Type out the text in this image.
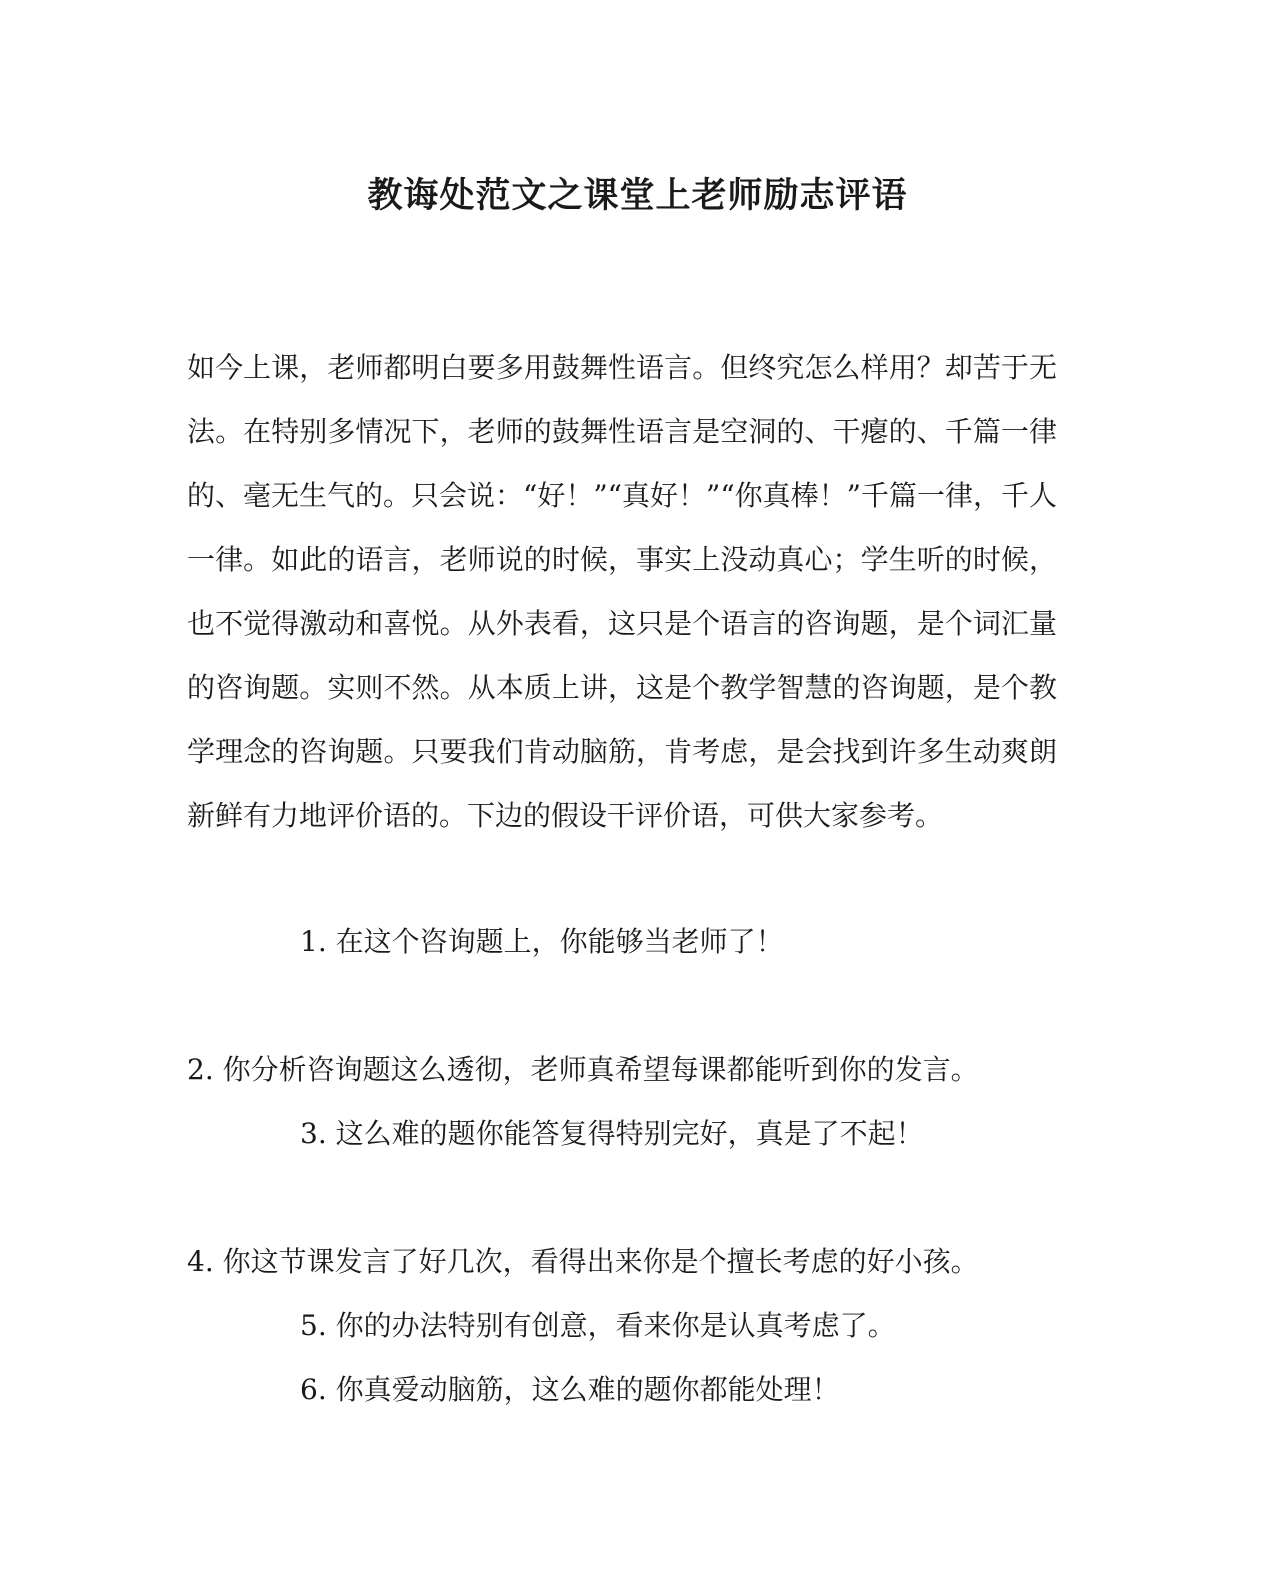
教诲处范文之课堂上老师励志评语

如今上课，老师都明白要多用鼓舞性语言。但终究怎么样用？却苦于无法。在特别多情况下，老师的鼓舞性语言是空洞的、干瘪的、千篇一律的、毫无生气的。只会说：“好！”“真好！”“你真棒！”千篇一律，千人一律。如此的语言，老师说的时候，事实上没动真心；学生听的时候，也不觉得激动和喜悦。从外表看，这只是个语言的咨询题，是个词汇量的咨询题。实则不然。从本质上讲，这是个教学智慧的咨询题，是个教学理念的咨询题。只要我们肯动脑筋，肯考虑，是会找到许多生动爽朗新鲜有力地评价语的。下边的假设干评价语，可供大家参考。

1. 在这个咨询题上，你能够当老师了！

2. 你分析咨询题这么透彻，老师真希望每课都能听到你的发言。

3. 这么难的题你能答复得特别完好，真是了不起！

4. 你这节课发言了好几次，看得出来你是个擅长考虑的好小孩。

5. 你的办法特别有创意，看来你是认真考虑了。

6. 你真爱动脑筋，这么难的题你都能处理！
